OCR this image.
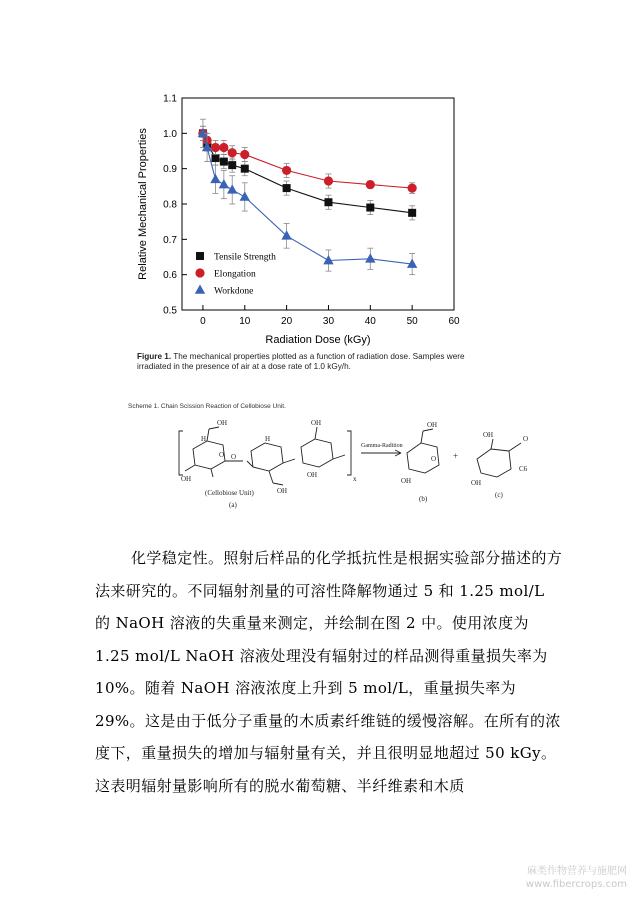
0	10	20	30	40	50	60
0.5
0.6
0.7
0.8
0.9
1.0
1.1
Radiation Dose (kGy)
Relative Mechanical Properties	Tensile Strength
Elongation
Workdone
Figure 1. The mechanical properties plotted as a function of radiation dose. Samples were irradiated in the presence of air at a dose rate of 1.0 kGy/h.
Scheme 1. Chain Scission Reaction of Cellobiose Unit.
OH
H
O O
OH
H
OH
OH
OH	x
Gamma-Radition
OH
O
OH
+
OH	O
OH
C6
(Cellobiose Unit)
(a)
(b)	(c)
化学稳定性。照射后样品的化学抵抗性是根据实验部分描述的方法来研究的。不同辐射剂量的可溶性降解物通过 5 和 1.25 mol/L 的 NaOH 溶液的失重量来测定，并绘制在图 2 中。使用浓度为 1.25 mol/L NaOH 溶液处理没有辐射过的样品测得重量损失率为 10%。随着 NaOH 溶液浓度上升到 5 mol/L，重量损失率为 29%。这是由于低分子重量的木质素纤维链的缓慢溶解。在所有的浓度下，重量损失的增加与辐射量有关，并且很明显地超过 50 kGy。这表明辐射量影响所有的脱水葡萄糖、半纤维素和木质
麻类作物营养与施肥网
www.fibercrops.com
